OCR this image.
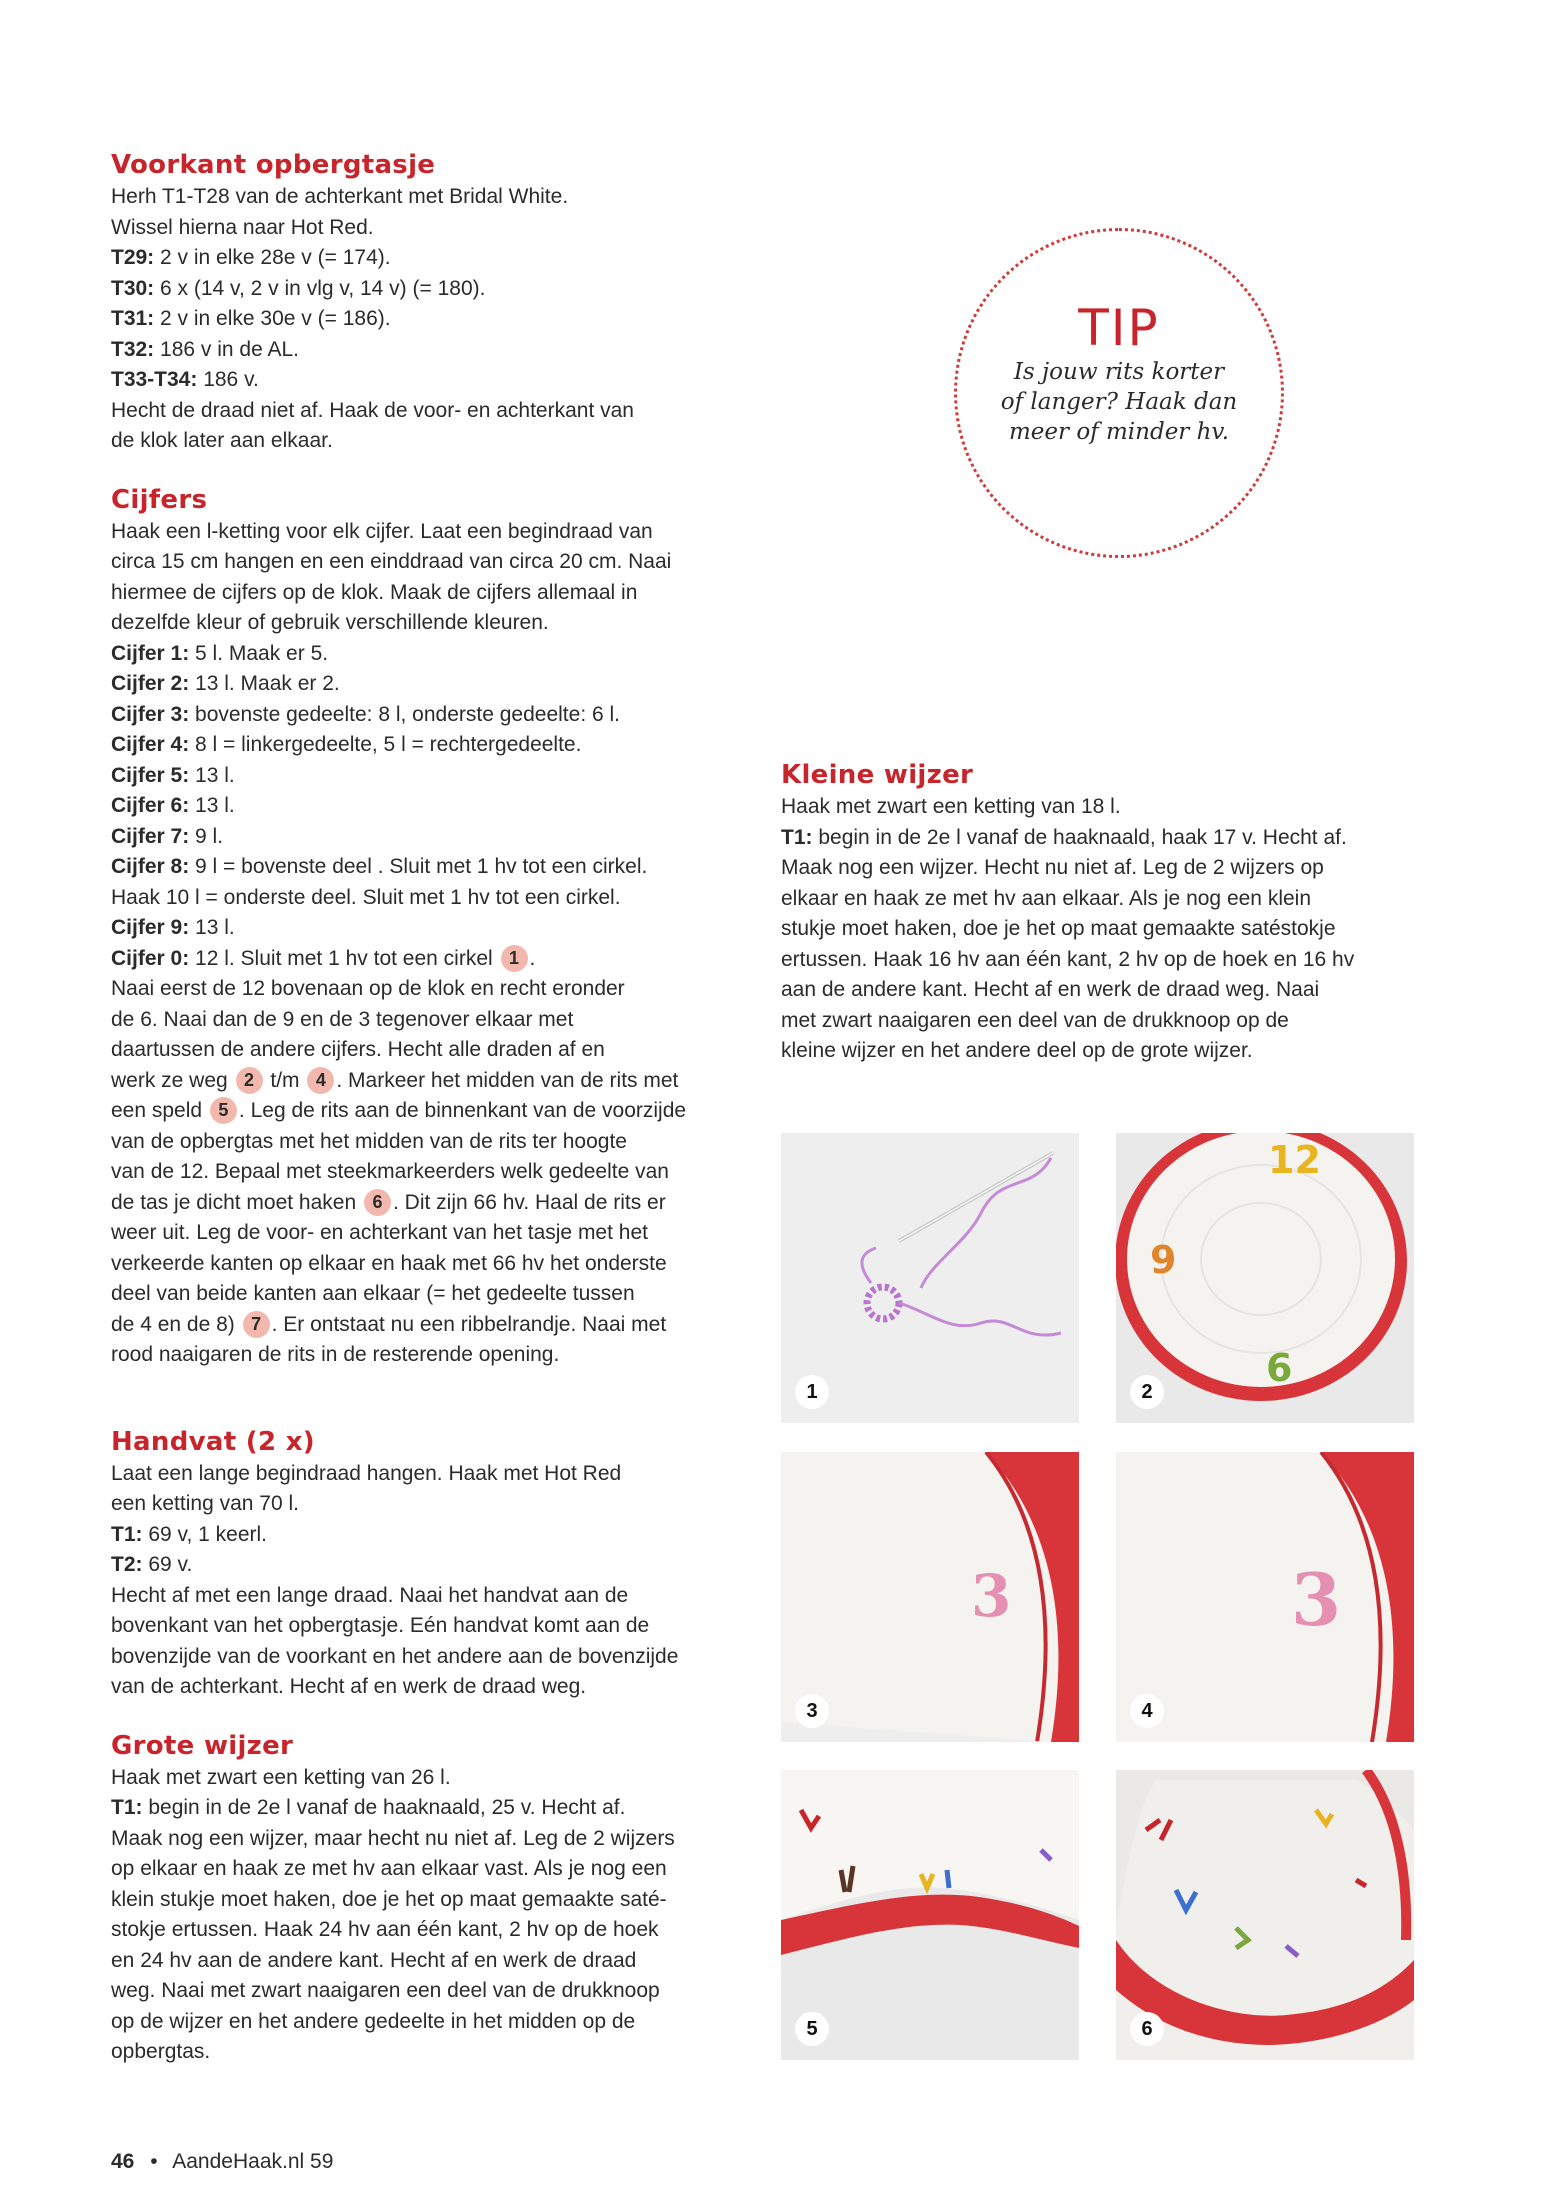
TIP
Is jouw rits korter
of langer? Haak dan
meer of minder hv.
Voorkant opbergtasje

Herh T1-T28 van de achterkant met Bridal White.

Wissel hierna naar Hot Red.

T29: 2 v in elke 28e v (= 174).

T30: 6 x (14 v, 2 v in vlg v, 14 v) (= 180).

T31: 2 v in elke 30e v (= 186).

T32: 186 v in de AL.

T33-T34: 186 v.

Hecht de draad niet af. Haak de voor- en achterkant van

de klok later aan elkaar.

Cijfers

Haak een l-ketting voor elk cijfer. Laat een begindraad van

circa 15 cm hangen en een einddraad van circa 20 cm. Naai

hiermee de cijfers op de klok. Maak de cijfers allemaal in

dezelfde kleur of gebruik verschillende kleuren.

Cijfer 1: 5 l. Maak er 5.

Cijfer 2: 13 l. Maak er 2.

Cijfer 3: bovenste gedeelte: 8 l, onderste gedeelte: 6 l.

Cijfer 4: 8 l = linkergedeelte, 5 l = rechtergedeelte.

Cijfer 5: 13 l.

Cijfer 6: 13 l.

Cijfer 7: 9 l.

Cijfer 8: 9 l = bovenste deel . Sluit met 1 hv tot een cirkel.

Haak 10 l = onderste deel. Sluit met 1 hv tot een cirkel.

Cijfer 9: 13 l.

Cijfer 0: 12 l. Sluit met 1 hv tot een cirkel 1 .

Naai eerst de 12 bovenaan op de klok en recht eronder

de 6. Naai dan de 9 en de 3 tegenover elkaar met

daartussen de andere cijfers. Hecht alle draden af en

werk ze weg 2 t/m 4 . Markeer het midden van de rits met

een speld 5 . Leg de rits aan de binnenkant van de voorzijde

van de opbergtas met het midden van de rits ter hoogte

van de 12. Bepaal met steekmarkeerders welk gedeelte van

de tas je dicht moet haken 6 . Dit zijn 66 hv. Haal de rits er

weer uit. Leg de voor- en achterkant van het tasje met het

verkeerde kanten op elkaar en haak met 66 hv het onderste

deel van beide kanten aan elkaar (= het gedeelte tussen

de 4 en de 8) 7 . Er ontstaat nu een ribbelrandje. Naai met

rood naaigaren de rits in de resterende opening.

Handvat (2 x)

Laat een lange begindraad hangen. Haak met Hot Red

een ketting van 70 l.

T1: 69 v, 1 keerl.

T2: 69 v.

Hecht af met een lange draad. Naai het handvat aan de

bovenkant van het opbergtasje. Eén handvat komt aan de

bovenzijde van de voorkant en het andere aan de bovenzijde

van de achterkant. Hecht af en werk de draad weg.

Grote wijzer

Haak met zwart een ketting van 26 l.

T1: begin in de 2e l vanaf de haaknaald, 25 v. Hecht af.

Maak nog een wijzer, maar hecht nu niet af. Leg de 2 wijzers

op elkaar en haak ze met hv aan elkaar vast. Als je nog een

klein stukje moet haken, doe je het op maat gemaakte saté-

stokje ertussen. Haak 24 hv aan één kant, 2 hv op de hoek

en 24 hv aan de andere kant. Hecht af en werk de draad

weg. Naai met zwart naaigaren een deel van de drukknoop

op de wijzer en het andere gedeelte in het midden op de

opbergtas.

Kleine wijzer

Haak met zwart een ketting van 18 l.

T1: begin in de 2e l vanaf de haaknaald, haak 17 v. Hecht af.

Maak nog een wijzer. Hecht nu niet af. Leg de 2 wijzers op

elkaar en haak ze met hv aan elkaar. Als je nog een klein

stukje moet haken, doe je het op maat gemaakte satéstokje

ertussen. Haak 16 hv aan één kant, 2 hv op de hoek en 16 hv

aan de andere kant. Hecht af en werk de draad weg. Naai

met zwart naaigaren een deel van de drukknoop op de

kleine wijzer en het andere deel op de grote wijzer.

1
12
9
6
2
3
3
3
4
5	6
46 • AandeHaak.nl 59
